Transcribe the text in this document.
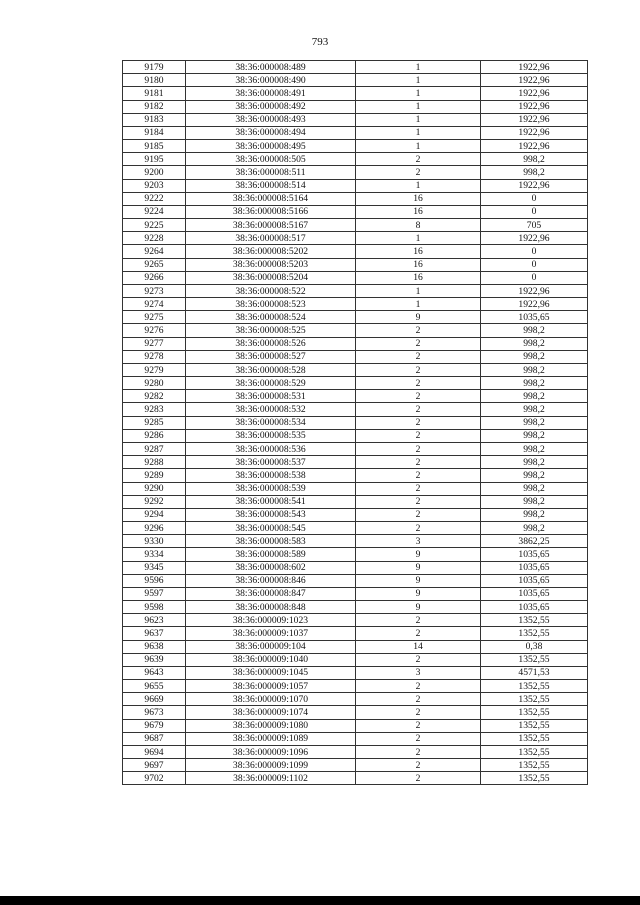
793
9179	38:36:000008:489	1	1922,96
9180	38:36:000008:490	1	1922,96
9181	38:36:000008:491	1	1922,96
9182	38:36:000008:492	1	1922,96
9183	38:36:000008:493	1	1922,96
9184	38:36:000008:494	1	1922,96
9185	38:36:000008:495	1	1922,96
9195	38:36:000008:505	2	998,2
9200	38:36:000008:511	2	998,2
9203	38:36:000008:514	1	1922,96
9222	38:36:000008:5164	16	0
9224	38:36:000008:5166	16	0
9225	38:36:000008:5167	8	705
9228	38:36:000008:517	1	1922,96
9264	38:36:000008:5202	16	0
9265	38:36:000008:5203	16	0
9266	38:36:000008:5204	16	0
9273	38:36:000008:522	1	1922,96
9274	38:36:000008:523	1	1922,96
9275	38:36:000008:524	9	1035,65
9276	38:36:000008:525	2	998,2
9277	38:36:000008:526	2	998,2
9278	38:36:000008:527	2	998,2
9279	38:36:000008:528	2	998,2
9280	38:36:000008:529	2	998,2
9282	38:36:000008:531	2	998,2
9283	38:36:000008:532	2	998,2
9285	38:36:000008:534	2	998,2
9286	38:36:000008:535	2	998,2
9287	38:36:000008:536	2	998,2
9288	38:36:000008:537	2	998,2
9289	38:36:000008:538	2	998,2
9290	38:36:000008:539	2	998,2
9292	38:36:000008:541	2	998,2
9294	38:36:000008:543	2	998,2
9296	38:36:000008:545	2	998,2
9330	38:36:000008:583	3	3862,25
9334	38:36:000008:589	9	1035,65
9345	38:36:000008:602	9	1035,65
9596	38:36:000008:846	9	1035,65
9597	38:36:000008:847	9	1035,65
9598	38:36:000008:848	9	1035,65
9623	38:36:000009:1023	2	1352,55
9637	38:36:000009:1037	2	1352,55
9638	38:36:000009:104	14	0,38
9639	38:36:000009:1040	2	1352,55
9643	38:36:000009:1045	3	4571,53
9655	38:36:000009:1057	2	1352,55
9669	38:36:000009:1070	2	1352,55
9673	38:36:000009:1074	2	1352,55
9679	38:36:000009:1080	2	1352,55
9687	38:36:000009:1089	2	1352,55
9694	38:36:000009:1096	2	1352,55
9697	38:36:000009:1099	2	1352,55
9702	38:36:000009:1102	2	1352,55
